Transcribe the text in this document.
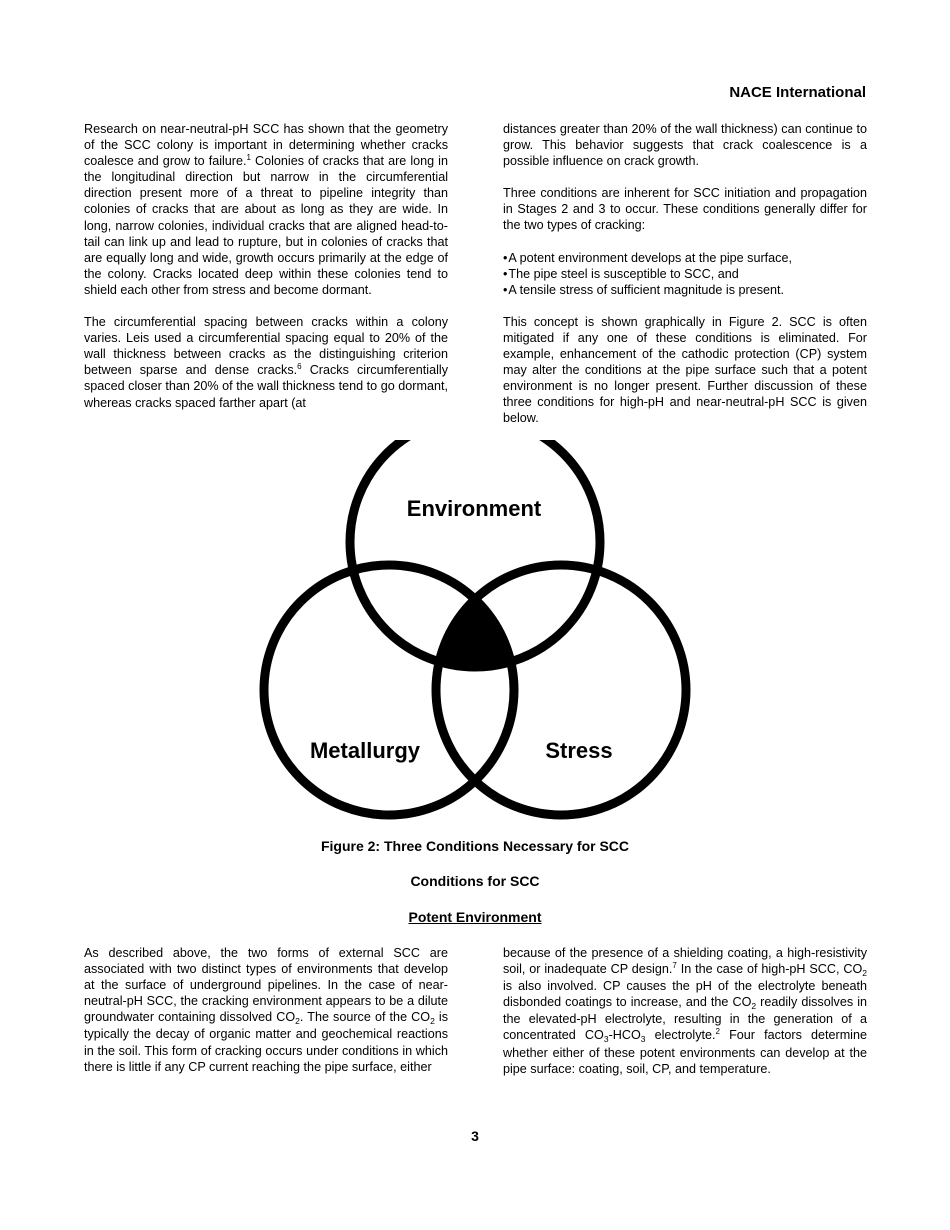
NACE International

Research on near-neutral-pH SCC has shown that the geometry of the SCC colony is important in determining whether cracks coalesce and grow to failure.$^1$ Colonies of cracks that are long in the longitudinal direction but narrow in the circumferential direction present more of a threat to pipeline integrity than colonies of cracks that are about as long as they are wide. In long, narrow colonies, individual cracks that are aligned head-to-tail can link up and lead to rupture, but in colonies of cracks that are equally long and wide, growth occurs primarily at the edge of the colony. Cracks located deep within these colonies tend to shield each other from stress and become dormant.

The circumferential spacing between cracks within a colony varies. Leis used a circumferential spacing equal to 20% of the wall thickness between cracks as the distinguishing criterion between sparse and dense cracks.$^6$ Cracks circumferentially spaced closer than 20% of the wall thickness tend to go dormant, whereas cracks spaced farther apart (at

distances greater than 20% of the wall thickness) can continue to grow. This behavior suggests that crack coalescence is a possible influence on crack growth.

Three conditions are inherent for SCC initiation and propagation in Stages 2 and 3 to occur. These conditions generally differ for the two types of cracking:

•A potent environment develops at the pipe surface,
•The pipe steel is susceptible to SCC, and
•A tensile stress of sufficient magnitude is present.

This concept is shown graphically in Figure 2. SCC is often mitigated if any one of these conditions is eliminated. For example, enhancement of the cathodic protection (CP) system may alter the conditions at the pipe surface such that a potent environment is no longer present. Further discussion of these three conditions for high-pH and near-neutral-pH SCC is given below.

Environment
Metallurgy	Stress
Figure 2: Three Conditions Necessary for SCC
Conditions for SCC
Potent Environment

As described above, the two forms of external SCC are associated with two distinct types of environments that develop at the surface of underground pipelines. In the case of near-neutral-pH SCC, the cracking environment appears to be a dilute groundwater containing dissolved $CO_2$. The source of the $CO_2$ is typically the decay of organic matter and geochemical reactions in the soil. This form of cracking occurs under conditions in which there is little if any CP current reaching the pipe surface, either

because of the presence of a shielding coating, a high-resistivity soil, or inadequate CP design.$^7$ In the case of high-pH SCC, $CO_2$ is also involved. CP causes the pH of the electrolyte beneath disbonded coatings to increase, and the $CO_2$ readily dissolves in the elevated-pH electrolyte, resulting in the generation of a concentrated $CO_3-HCO_3$ electrolyte.$^2$ Four factors determine whether either of these potent environments can develop at the pipe surface: coating, soil, CP, and temperature.

3
